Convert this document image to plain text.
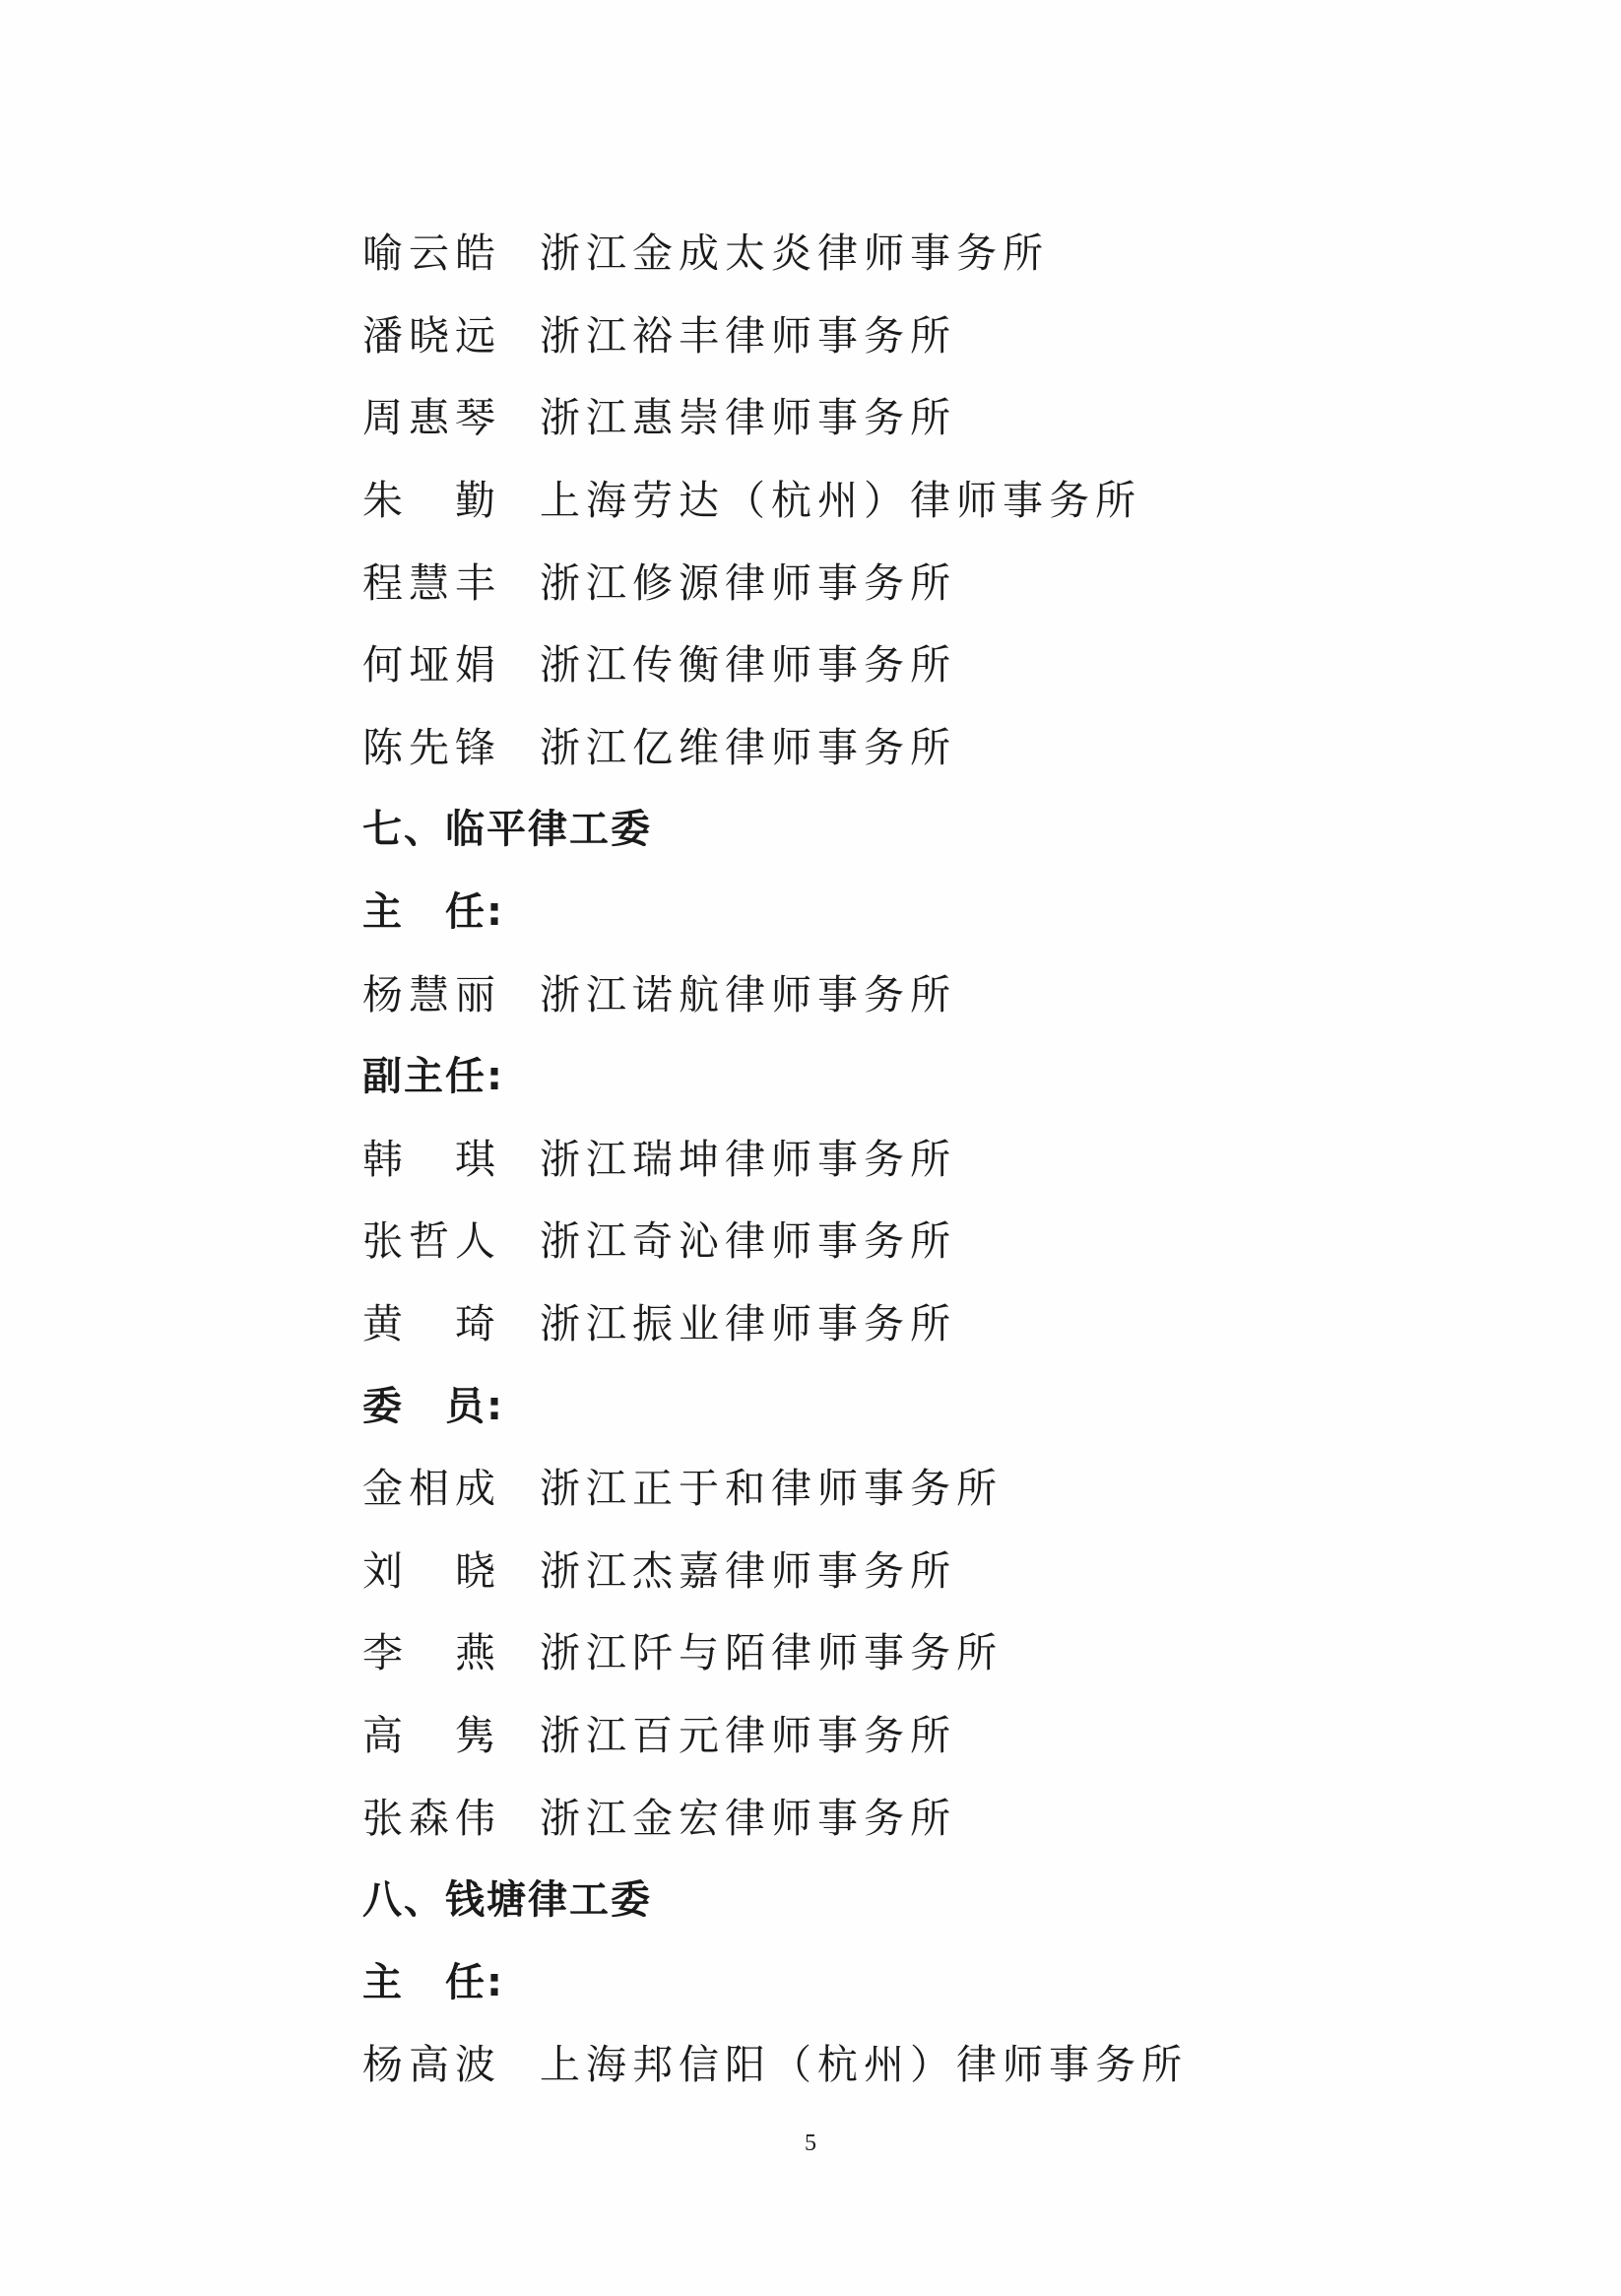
喻云皓 浙江金成太炎律师事务所
潘晓远 浙江裕丰律师事务所
周惠琴 浙江惠崇律师事务所
朱　勤 上海劳达（杭州）律师事务所
程慧丰 浙江修源律师事务所
何垭娟 浙江传衡律师事务所
陈先锋 浙江亿维律师事务所
七、临平律工委
主　任:
杨慧丽 浙江诺航律师事务所
副主任:
韩　琪 浙江瑞坤律师事务所
张哲人 浙江奇沁律师事务所
黄　琦 浙江振业律师事务所
委　员:
金相成 浙江正于和律师事务所
刘　晓 浙江杰嘉律师事务所
李　燕 浙江阡与陌律师事务所
高　隽 浙江百元律师事务所
张森伟 浙江金宏律师事务所
八、钱塘律工委
主　任:
杨高波 上海邦信阳（杭州）律师事务所
5
